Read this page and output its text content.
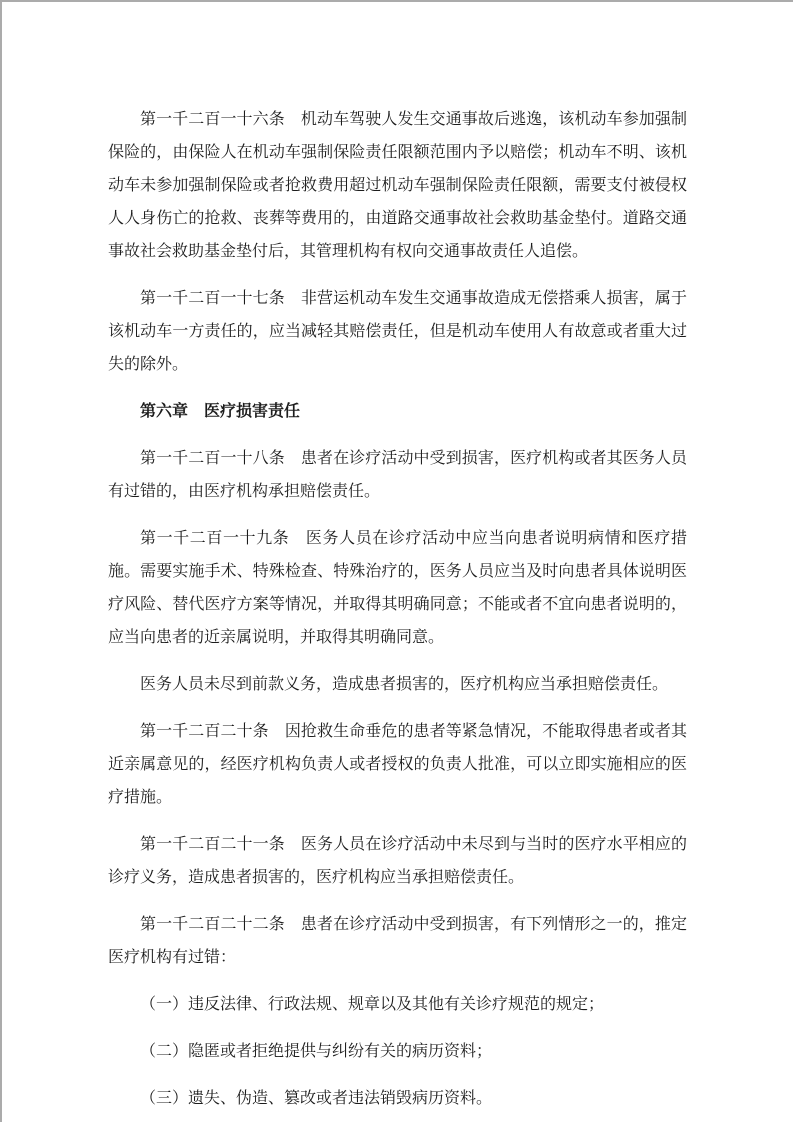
第一千二百一十六条　机动车驾驶人发生交通事故后逃逸，该机动车参加强制保险的，由保险人在机动车强制保险责任限额范围内予以赔偿；机动车不明、该机动车未参加强制保险或者抢救费用超过机动车强制保险责任限额，需要支付被侵权人人身伤亡的抢救、丧葬等费用的，由道路交通事故社会救助基金垫付。道路交通事故社会救助基金垫付后，其管理机构有权向交通事故责任人追偿。

第一千二百一十七条　非营运机动车发生交通事故造成无偿搭乘人损害，属于该机动车一方责任的，应当减轻其赔偿责任，但是机动车使用人有故意或者重大过失的除外。

第六章　医疗损害责任

第一千二百一十八条　患者在诊疗活动中受到损害，医疗机构或者其医务人员有过错的，由医疗机构承担赔偿责任。

第一千二百一十九条　医务人员在诊疗活动中应当向患者说明病情和医疗措施。需要实施手术、特殊检查、特殊治疗的，医务人员应当及时向患者具体说明医疗风险、替代医疗方案等情况，并取得其明确同意；不能或者不宜向患者说明的，应当向患者的近亲属说明，并取得其明确同意。

医务人员未尽到前款义务，造成患者损害的，医疗机构应当承担赔偿责任。

第一千二百二十条　因抢救生命垂危的患者等紧急情况，不能取得患者或者其近亲属意见的，经医疗机构负责人或者授权的负责人批准，可以立即实施相应的医疗措施。

第一千二百二十一条　医务人员在诊疗活动中未尽到与当时的医疗水平相应的诊疗义务，造成患者损害的，医疗机构应当承担赔偿责任。

第一千二百二十二条　患者在诊疗活动中受到损害，有下列情形之一的，推定医疗机构有过错：

（一）违反法律、行政法规、规章以及其他有关诊疗规范的规定；

（二）隐匿或者拒绝提供与纠纷有关的病历资料；

（三）遗失、伪造、篡改或者违法销毁病历资料。
